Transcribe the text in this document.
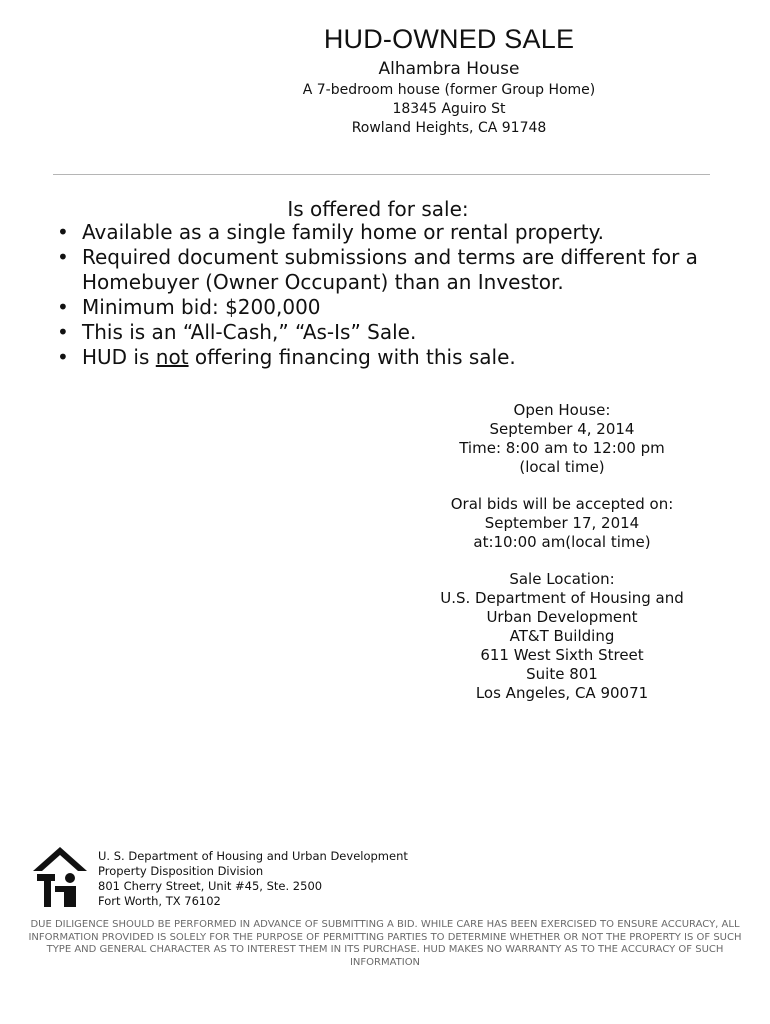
HUD-OWNED SALE
Alhambra House
A 7-bedroom house (former Group Home)
18345 Aguiro St
Rowland Heights, CA 91748
Is offered for sale:
• Available as a single family home or rental property.
• Required document submissions and terms are different for a Homebuyer (Owner Occupant) than an Investor.
• Minimum bid: $200,000
• This is an “All-Cash,” “As-Is” Sale.
• HUD is not offering financing with this sale.
Open House:
September 4, 2014
Time: 8:00 am to 12:00 pm
(local time)
Oral bids will be accepted on:
September 17, 2014
at:10:00 am(local time)
Sale Location:
U.S. Department of Housing and
Urban Development
AT&T Building
611 West Sixth Street
Suite 801
Los Angeles, CA 90071
U. S. Department of Housing and Urban Development
Property Disposition Division
801 Cherry Street, Unit #45, Ste. 2500
Fort Worth, TX 76102
DUE DILIGENCE SHOULD BE PERFORMED IN ADVANCE OF SUBMITTING A BID. WHILE CARE HAS BEEN EXERCISED TO ENSURE ACCURACY, ALL INFORMATION PROVIDED IS SOLELY FOR THE PURPOSE OF PERMITTING PARTIES TO DETERMINE WHETHER OR NOT THE PROPERTY IS OF SUCH TYPE AND GENERAL CHARACTER AS TO INTEREST THEM IN ITS PURCHASE. HUD MAKES NO WARRANTY AS TO THE ACCURACY OF SUCH INFORMATION
